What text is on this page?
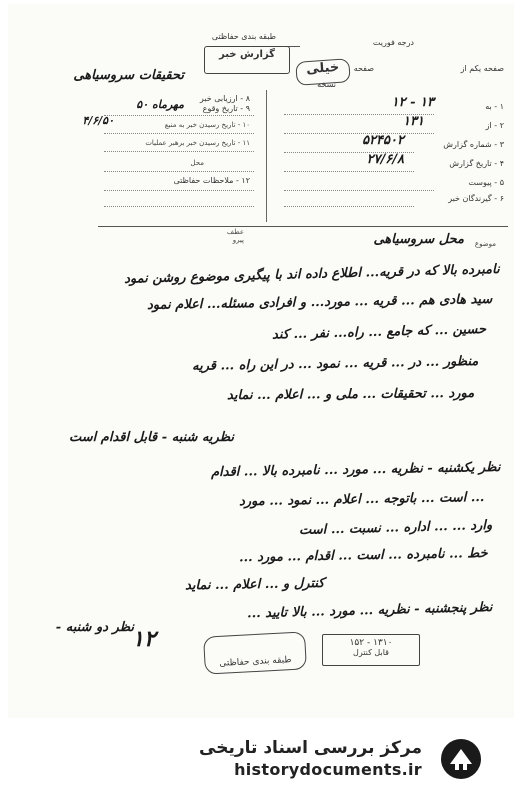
درجه فوریت
طبقه بندی حفاظتی
گزارش خبر
خیلی	صفحه یکم از
صفحه
نسخه
۱ - به
۱۳ - ۱۲
۲ - از
۱۳۱
۳ - شماره گزارش
۵۲۴۵۰۲
۴ - تاریخ گزارش
۲۷/۶/۸
۵ - پیوست
۶ - گیرندگان خبر
تحقیقات سروسیاهی
۸ - ارزیابی خبر
۹ - تاریخ وقوع
مهرماه ۵۰
۱۰ - تاریخ رسیدن خبر به منبع
۴/۶/۵۰
۱۱ - تاریخ رسیدن خبر برهبر عملیات
محل
۱۲ - ملاحظات حفاظتی
عطف
پیرو	موضوع
محل سروسیاهی
نامبرده بالا که در قریه... اطلاع داده اند با پیگیری موضوع روشن نمود
سید هادی هم ... قریه ... مورد... و افرادی مسئله... اعلام نمود
حسین ... که جامع ... راه... نفر ... کند
منظور ... در ... قریه ... نمود ... در این راه ... قریه
مورد ... تحقیقات ... ملی و ... اعلام ... نماید
نظریه شنبه - قابل اقدام است
نظر یکشنبه - نظریه ... مورد ... نامبرده بالا ... اقدام
... است ... باتوجه ... اعلام ... نمود ... مورد
وارد ... ... اداره ... نسبت ... است
خط ... نامبرده ... است ... اقدام ... مورد ...
کنترل و ... اعلام ... نماید
نظر پنجشنبه - نظریه ... مورد ... بالا تایید ...
نظر دو شنبه -
۱۲
طبقه بندی حفاظتی
۱۳۱۰ - ۱۵۲
قابل کنترل
مرکز بررسی اسناد تاریخی
historydocuments.ir
